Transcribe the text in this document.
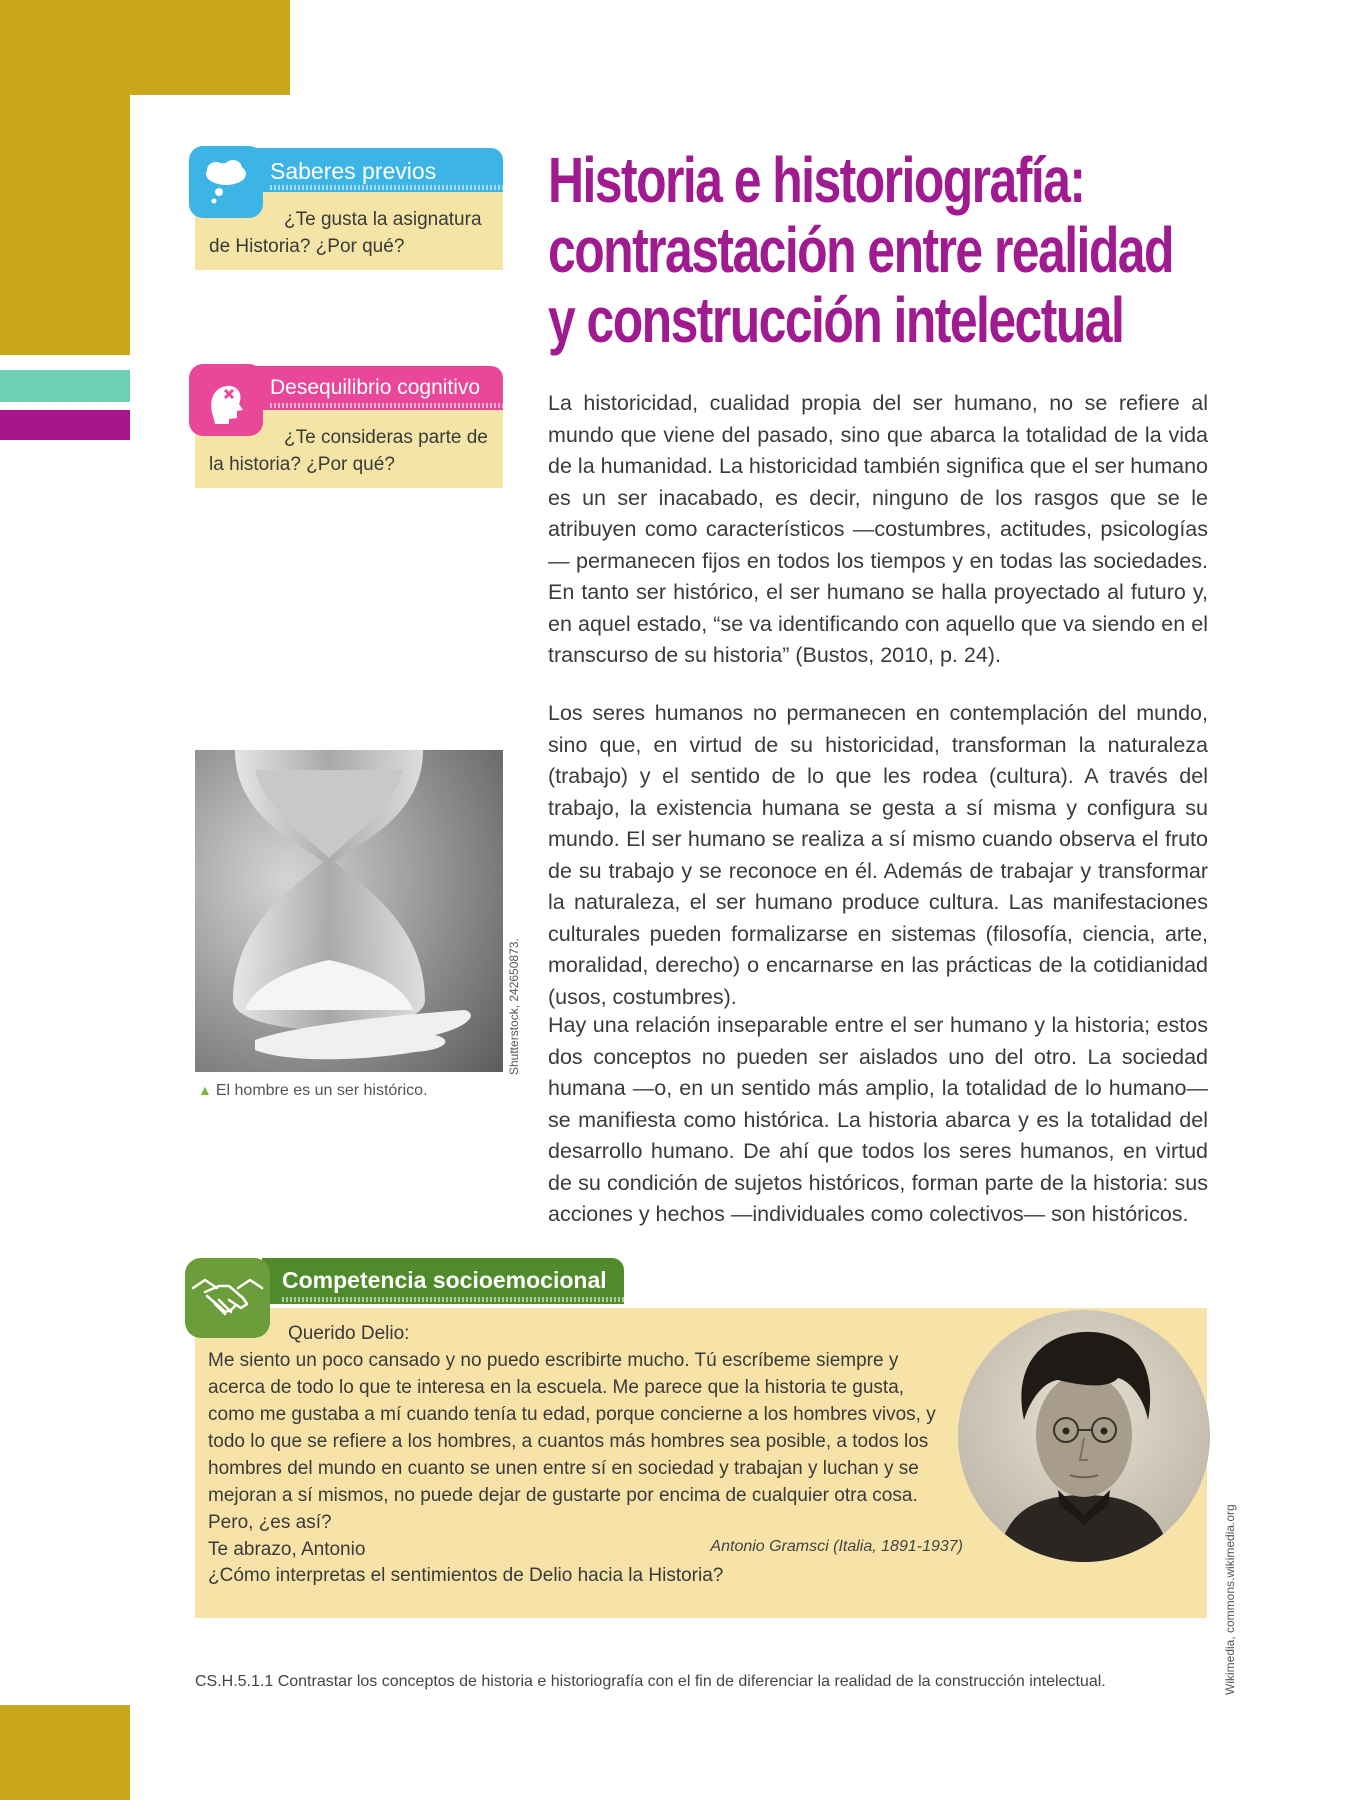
12
Saberes previos
¿Te gusta la asignatura de Historia? ¿Por qué?
Desequilibrio cognitivo
¿Te consideras parte de la historia? ¿Por qué?
Historia e historiografía:
contrastación entre realidad
y construcción intelectual
La historicidad, cualidad propia del ser humano, no se refiere al mundo que viene del pasado, sino que abarca la totalidad de la vida de la humanidad. La historicidad también significa que el ser humano es un ser inacabado, es decir, ninguno de los rasgos que se le atribuyen como característicos —costumbres, actitudes, psicologías— permanecen fijos en todos los tiempos y en todas las sociedades. En tanto ser histórico, el ser humano se halla proyectado al futuro y, en aquel estado, “se va identificando con aquello que va siendo en el transcurso de su historia” (Bustos, 2010, p. 24).
Los seres humanos no permanecen en contemplación del mundo, sino que, en virtud de su historicidad, transforman la naturaleza (trabajo) y el sentido de lo que les rodea (cultura). A través del trabajo, la existencia humana se gesta a sí misma y configura su mundo. El ser humano se realiza a sí mismo cuando observa el fruto de su trabajo y se reconoce en él. Además de trabajar y transformar la naturaleza, el ser humano produce cultura. Las manifestaciones culturales pueden formalizarse en sistemas (filosofía, ciencia, arte, moralidad, derecho) o encarnarse en las prácticas de la cotidianidad (usos, costumbres).
Hay una relación inseparable entre el ser humano y la historia; estos dos conceptos no pueden ser aislados uno del otro. La sociedad humana —o, en un sentido más amplio, la totalidad de lo humano— se manifiesta como histórica. La historia abarca y es la totalidad del desarrollo humano. De ahí que todos los seres humanos, en virtud de su condición de sujetos históricos, forman parte de la historia: sus acciones y hechos —individuales como colectivos— son históricos.
Shutterstock, 242650873.
▲ El hombre es un ser histórico.
Competencia socioemocional
Querido Delio:
Me siento un poco cansado y no puedo escribirte mucho. Tú escríbeme siempre y acerca de todo lo que te interesa en la escuela. Me parece que la historia te gusta, como me gustaba a mí cuando tenía tu edad, porque concierne a los hombres vivos, y todo lo que se refiere a los hombres, a cuantos más hombres sea posible, a todos los hombres del mundo en cuanto se unen entre sí en sociedad y trabajan y luchan y se mejoran a sí mismos, no puede dejar de gustarte por encima de cualquier otra cosa. Pero, ¿es así?
Te abrazo, Antonio	Antonio Gramsci (Italia, 1891-1937)
¿Cómo interpretas el sentimientos de Delio hacia la Historia?	Wikimedia, commons.wikimedia.org
CS.H.5.1.1 Contrastar los conceptos de historia e historiografía con el fin de diferenciar la realidad de la construcción intelectual.
